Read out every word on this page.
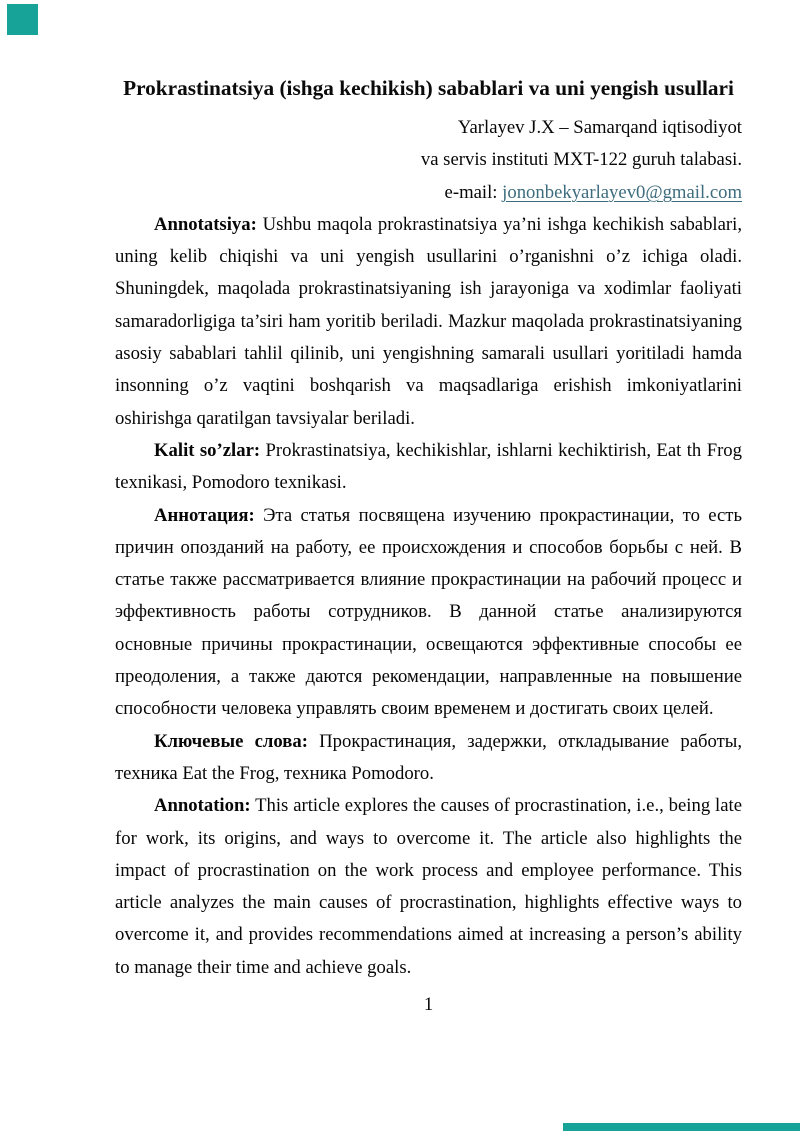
Prokrastinatsiya (ishga kechikish) sabablari va uni yengish usullari
Yarlayev J.X – Samarqand iqtisodiyot
va servis instituti MXT-122 guruh talabasi.
e-mail: jononbekyarlayev0@gmail.com

Annotatsiya: Ushbu maqola prokrastinatsiya ya’ni ishga kechikish sabablari, uning kelib chiqishi va uni yengish usullarini o’rganishni o’z ichiga oladi. Shuningdek, maqolada prokrastinatsiyaning ish jarayoniga va xodimlar faoliyati samaradorligiga ta’siri ham yoritib beriladi. Mazkur maqolada prokrastinatsiyaning asosiy sabablari tahlil qilinib, uni yengishning samarali usullari yoritiladi hamda insonning o’z vaqtini boshqarish va maqsadlariga erishish imkoniyatlarini oshirishga qaratilgan tavsiyalar beriladi.

Kalit so’zlar: Prokrastinatsiya, kechikishlar, ishlarni kechiktirish, Eat th Frog texnikasi, Pomodoro texnikasi.

Аннотация: Эта статья посвящена изучению прокрастинации, то есть причин опозданий на работу, ее происхождения и способов борьбы с ней. В статье также рассматривается влияние прокрастинации на рабочий процесс и эффективность работы сотрудников. В данной статье анализируются основные причины прокрастинации, освещаются эффективные способы ее преодоления, а также даются рекомендации, направленные на повышение способности человека управлять своим временем и достигать своих целей.

Ключевые слова: Прокрастинация, задержки, откладывание работы, техника Eat the Frog, техника Pomodoro.

Annotation: This article explores the causes of procrastination, i.e., being late for work, its origins, and ways to overcome it. The article also highlights the impact of procrastination on the work process and employee performance. This article analyzes the main causes of procrastination, highlights effective ways to overcome it, and provides recommendations aimed at increasing a person’s ability to manage their time and achieve goals.

1
